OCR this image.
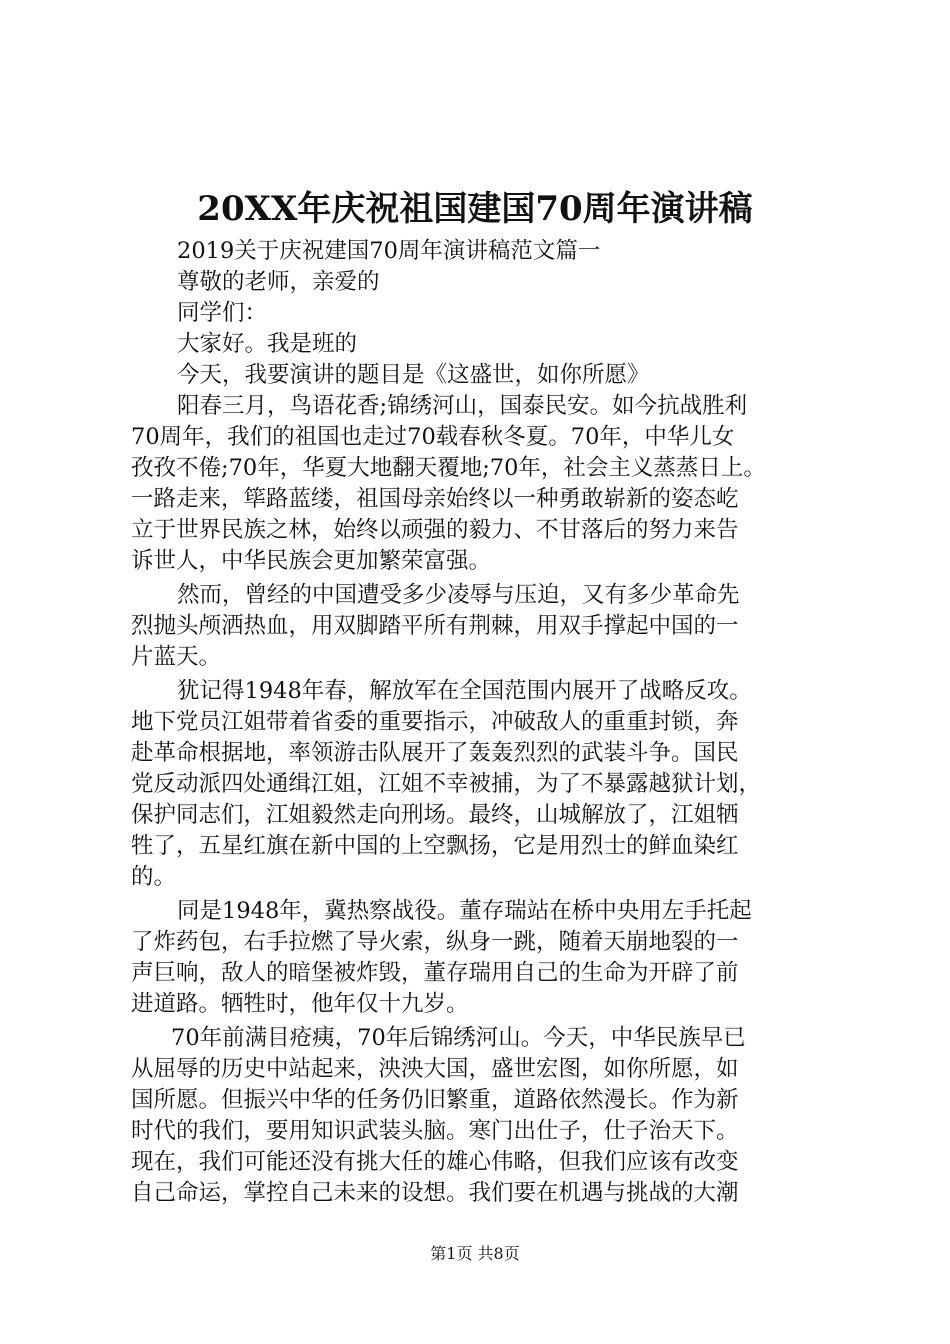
20XX年庆祝祖国建国70周年演讲稿
2019关于庆祝建国70周年演讲稿范文篇一
尊敬的老师，亲爱的
同学们：
大家好。我是班的
今天，我要演讲的题目是《这盛世，如你所愿》
阳春三月，鸟语花香;锦绣河山，国泰民安。如今抗战胜利
70周年，我们的祖国也走过70载春秋冬夏。70年，中华儿女
孜孜不倦;70年，华夏大地翻天覆地;70年，社会主义蒸蒸日上。
一路走来，筚路蓝缕，祖国母亲始终以一种勇敢崭新的姿态屹
立于世界民族之林，始终以顽强的毅力、不甘落后的努力来告
诉世人，中华民族会更加繁荣富强。
然而，曾经的中国遭受多少凌辱与压迫，又有多少革命先
烈抛头颅洒热血，用双脚踏平所有荆棘，用双手撑起中国的一
片蓝天。
犹记得1948年春，解放军在全国范围内展开了战略反攻。
地下党员江姐带着省委的重要指示，冲破敌人的重重封锁，奔
赴革命根据地，率领游击队展开了轰轰烈烈的武装斗争。国民
党反动派四处通缉江姐，江姐不幸被捕，为了不暴露越狱计划，
保护同志们，江姐毅然走向刑场。最终，山城解放了，江姐牺
牲了，五星红旗在新中国的上空飘扬，它是用烈士的鲜血染红
的。
同是1948年，冀热察战役。董存瑞站在桥中央用左手托起
了炸药包，右手拉燃了导火索，纵身一跳，随着天崩地裂的一
声巨响，敌人的暗堡被炸毁，董存瑞用自己的生命为开辟了前
进道路。牺牲时，他年仅十九岁。
70年前满目疮痍，70年后锦绣河山。今天，中华民族早已
从屈辱的历史中站起来，泱泱大国，盛世宏图，如你所愿，如
国所愿。但振兴中华的任务仍旧繁重，道路依然漫长。作为新
时代的我们，要用知识武装头脑。寒门出仕子，仕子治天下。
现在，我们可能还没有挑大任的雄心伟略，但我们应该有改变
自己命运，掌控自己未来的设想。我们要在机遇与挑战的大潮
第1页 共8页
